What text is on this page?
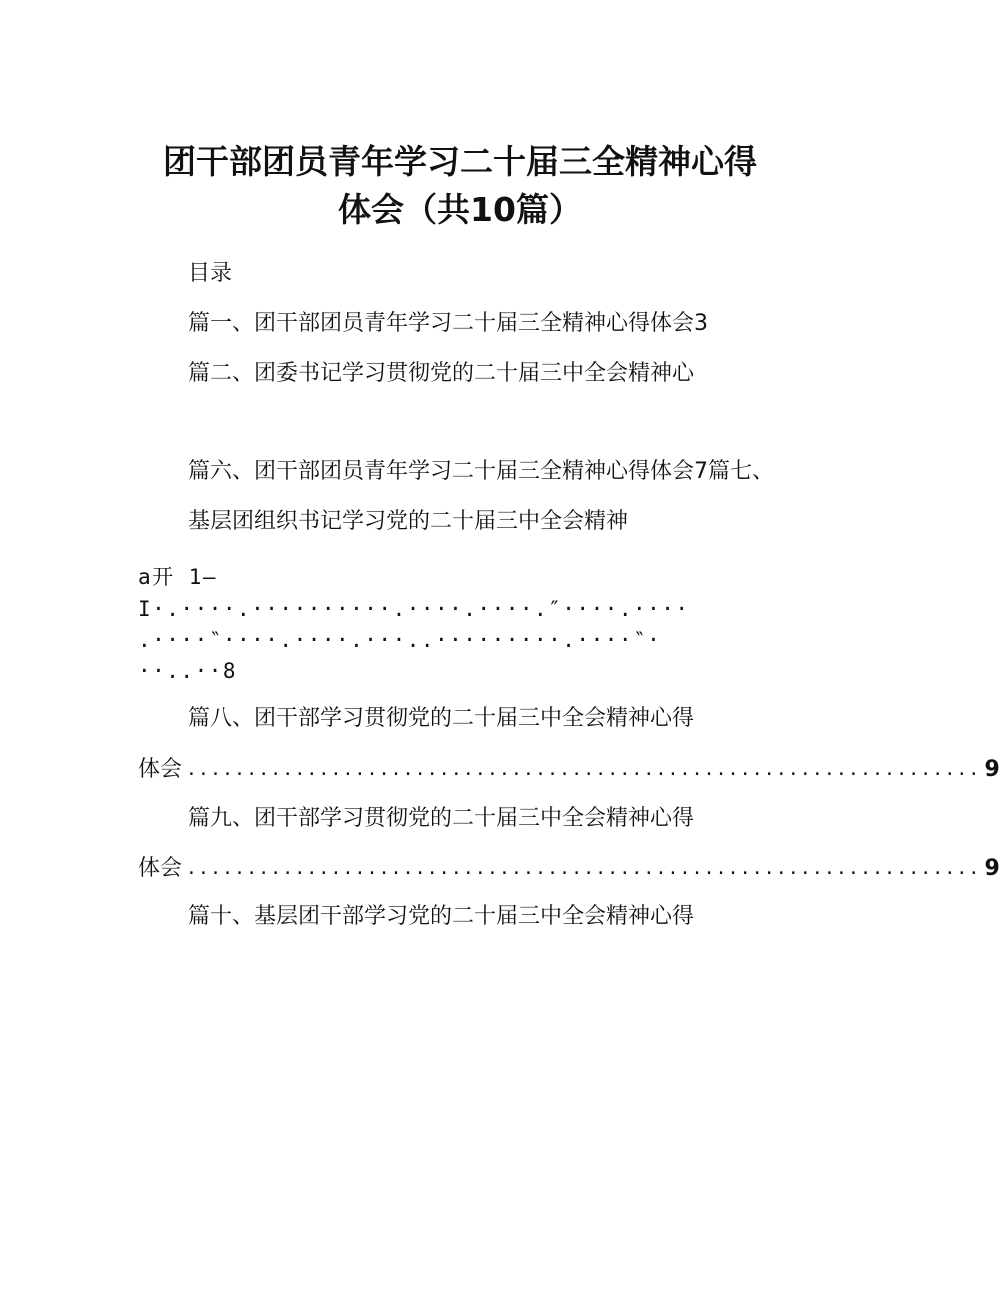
团干部团员青年学习二十届三全精神心得
体会（共10篇）
目录
篇一、团干部团员青年学习二十届三全精神心得体会3
篇二、团委书记学习贯彻党的二十届三中全会精神心
篇六、团干部团员青年学习二十届三全精神心得体会7篇七、
基层团组织书记学习党的二十届三中全会精神
a开 1—
I·.····.··········.····.····.″····.····
.····‶····.····.···..·········.····‶·
··..··8
篇八、团干部学习贯彻党的二十届三中全会精神心得
体会 .................................................................. 9
篇九、团干部学习贯彻党的二十届三中全会精神心得
体会 .................................................................. 9
篇十、基层团干部学习党的二十届三中全会精神心得
